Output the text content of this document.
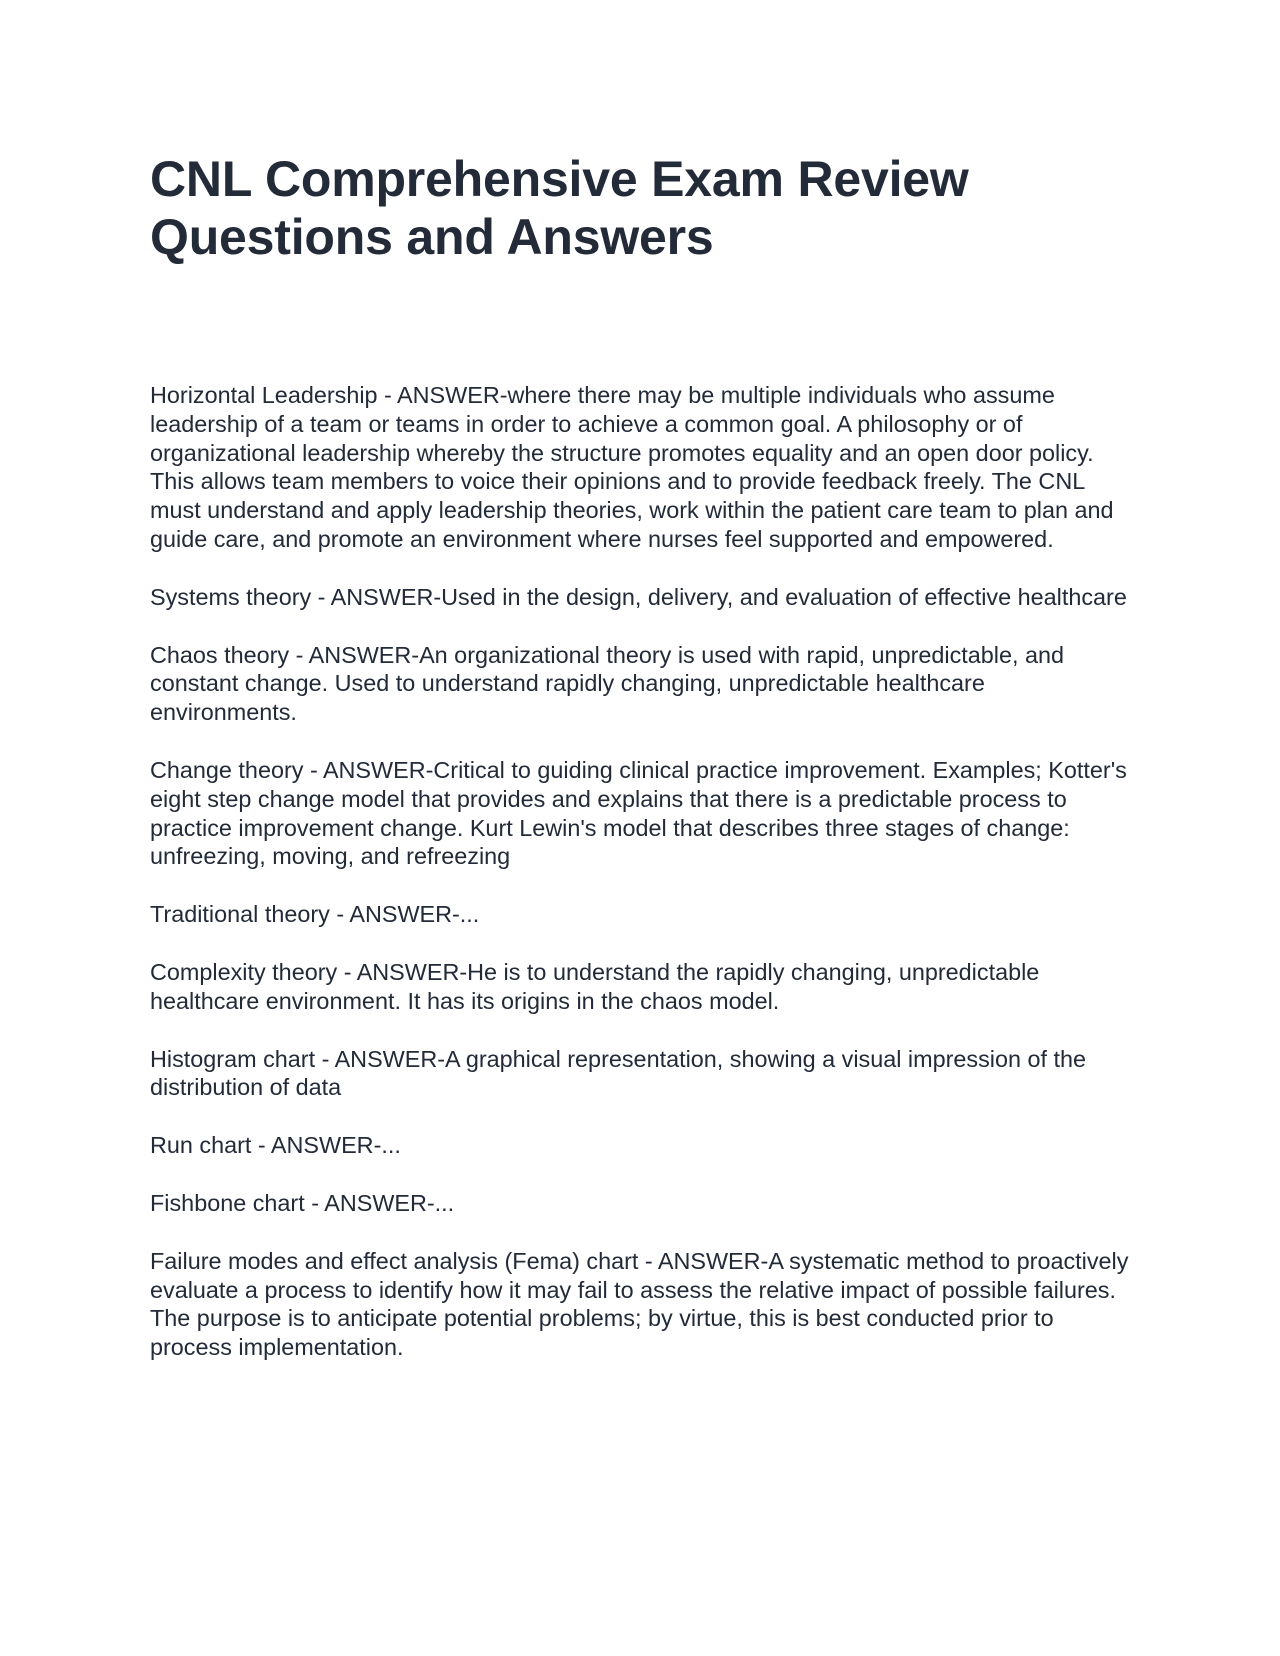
CNL Comprehensive Exam Review Questions and Answers

Horizontal Leadership - ANSWER-where there may be multiple individuals who assume leadership of a team or teams in order to achieve a common goal. A philosophy or of organizational leadership whereby the structure promotes equality and an open door policy. This allows team members to voice their opinions and to provide feedback freely. The CNL must understand and apply leadership theories, work within the patient care team to plan and guide care, and promote an environment where nurses feel supported and empowered.

Systems theory - ANSWER-Used in the design, delivery, and evaluation of effective healthcare

Chaos theory - ANSWER-An organizational theory is used with rapid, unpredictable, and constant change. Used to understand rapidly changing, unpredictable healthcare environments.

Change theory - ANSWER-Critical to guiding clinical practice improvement. Examples; Kotter's eight step change model that provides and explains that there is a predictable process to practice improvement change. Kurt Lewin's model that describes three stages of change: unfreezing, moving, and refreezing

Traditional theory - ANSWER-...

Complexity theory - ANSWER-He is to understand the rapidly changing, unpredictable healthcare environment. It has its origins in the chaos model.

Histogram chart - ANSWER-A graphical representation, showing a visual impression of the distribution of data

Run chart - ANSWER-...

Fishbone chart - ANSWER-...

Failure modes and effect analysis (Fema) chart - ANSWER-A systematic method to proactively evaluate a process to identify how it may fail to assess the relative impact of possible failures. The purpose is to anticipate potential problems; by virtue, this is best conducted prior to process implementation.
